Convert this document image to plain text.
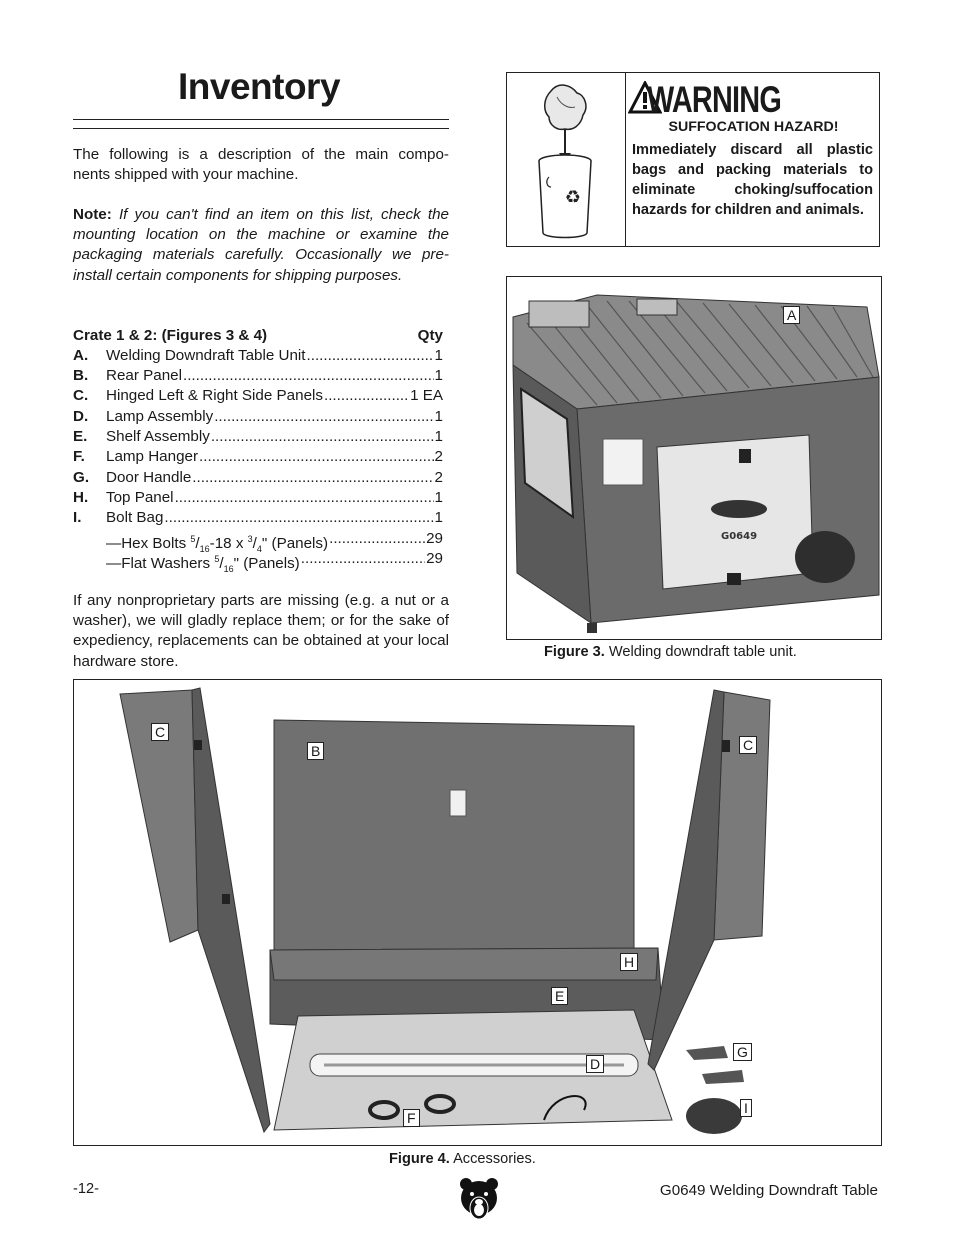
Inventory
The following is a description of the main compo-
nents shipped with your machine.
Note: If you can't find an item on this list, check the mounting location on the machine or examine the packaging materials carefully. Occasionally we pre-install certain components for shipping purposes.
Crate 1 & 2: (Figures 3 & 4)	Qty
A.	Welding Downdraft Table Unit .....	1
B.	Rear Panel .....	1
C.	Hinged Left & Right Side Panels .....	1 EA
D.	Lamp Assembly .....	1
E.	Shelf Assembly .....	1
F.	Lamp Hanger .....	2
G.	Door Handle .....	2
H.	Top Panel .....	1
I.	Bolt Bag .....	1
—Hex Bolts $^5/_{16}-18$ x $^3/_4$" (Panels) .....	29
—Flat Washers $^5/_{16}$" (Panels) .....	29
If any nonproprietary parts are missing (e.g. a nut or a washer), we will gladly replace them; or for the sake of expediency, replacements can be obtained at your local hardware store.
♻
WARNING
SUFFOCATION HAZARD!
Immediately discard all plastic bags and packing materials to eliminate choking/suffocation hazards for children and animals.
G0649
A
Figure 3. Welding downdraft table unit.
C
B	C
H
E
G
D
I
F
Figure 4. Accessories.
-12-	G0649 Welding Downdraft Table
